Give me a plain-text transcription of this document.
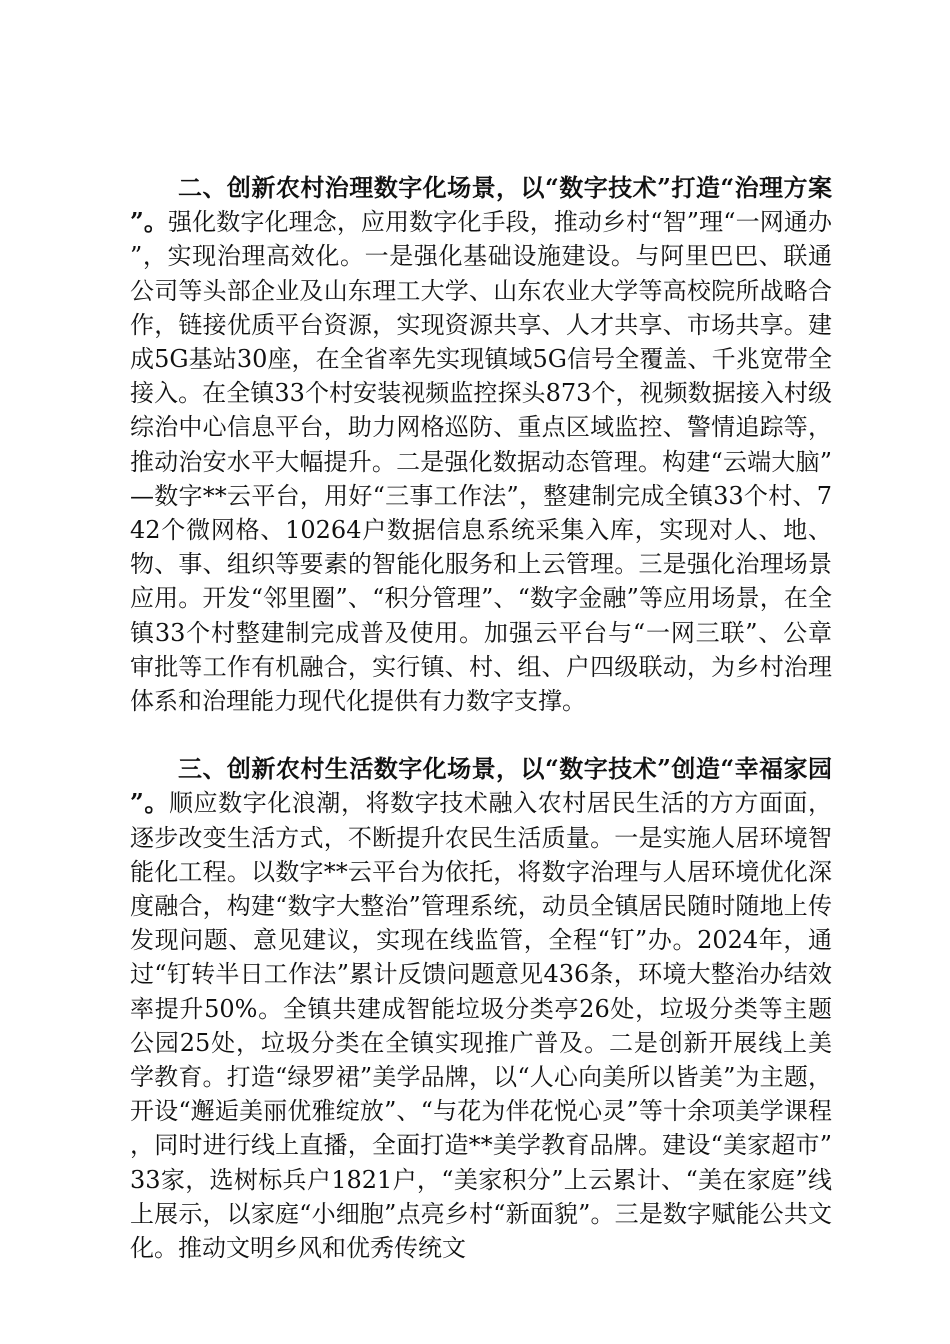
二、创新农村治理数字化场景，以“数字技术”打造“治理方案”。强化数字化理念，应用数字化手段，推动乡村“智”理“一网通办”，实现治理高效化。一是强化基础设施建设。与阿里巴巴、联通公司等头部企业及山东理工大学、山东农业大学等高校院所战略合作，链接优质平台资源，实现资源共享、人才共享、市场共享。建成5G基站30座，在全省率先实现镇域5G信号全覆盖、千兆宽带全接入。在全镇33个村安装视频监控探头873个，视频数据接入村级综治中心信息平台，助力网格巡防、重点区域监控、警情追踪等，推动治安水平大幅提升。二是强化数据动态管理。构建“云端大脑”—数字**云平台，用好“三事工作法”，整建制完成全镇33个村、742个微网格、10264户数据信息系统采集入库，实现对人、地、物、事、组织等要素的智能化服务和上云管理。三是强化治理场景应用。开发“邻里圈”、“积分管理”、“数字金融”等应用场景，在全镇33个村整建制完成普及使用。加强云平台与“一网三联”、公章审批等工作有机融合，实行镇、村、组、户四级联动，为乡村治理体系和治理能力现代化提供有力数字支撑。

三、创新农村生活数字化场景，以“数字技术”创造“幸福家园”。顺应数字化浪潮，将数字技术融入农村居民生活的方方面面，逐步改变生活方式，不断提升农民生活质量。一是实施人居环境智能化工程。以数字**云平台为依托，将数字治理与人居环境优化深度融合，构建“数字大整治”管理系统，动员全镇居民随时随地上传发现问题、意见建议，实现在线监管，全程“钉”办。2024年，通过“钉转半日工作法”累计反馈问题意见436条，环境大整治办结效率提升50%。全镇共建成智能垃圾分类亭26处，垃圾分类等主题公园25处，垃圾分类在全镇实现推广普及。二是创新开展线上美学教育。打造“绿罗裙”美学品牌，以“人心向美所以皆美”为主题，开设“邂逅美丽优雅绽放”、“与花为伴花悦心灵”等十余项美学课程，同时进行线上直播，全面打造**美学教育品牌。建设“美家超市”33家，选树标兵户1821户，“美家积分”上云累计、“美在家庭”线上展示，以家庭“小细胞”点亮乡村“新面貌”。三是数字赋能公共文化。推动文明乡风和优秀传统文
